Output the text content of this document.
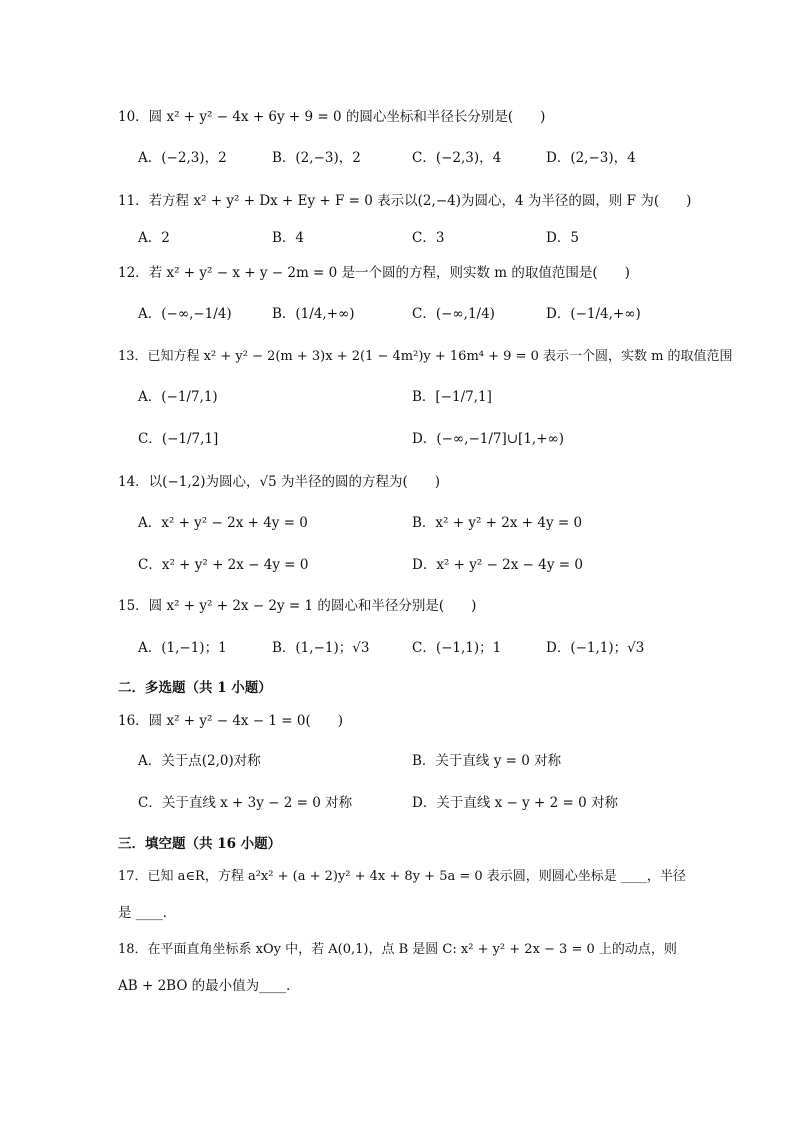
10．圆 x² + y² − 4x + 6y + 9 = 0 的圆心坐标和半径长分别是(　　)
A．(−2,3)，2	B．(2,−3)，2	C．(−2,3)，4	D．(2,−3)，4
11．若方程 x² + y² + Dx + Ey + F = 0 表示以(2,−4)为圆心，4 为半径的圆，则 F 为(　　)
A．2	B．4	C．3	D．5
12．若 x² + y² − x + y − 2m = 0 是一个圆的方程，则实数 m 的取值范围是(　　)
A．(−∞,−1/4)	B．(1/4,+∞)	C．(−∞,1/4)	D．(−1/4,+∞)
13．已知方程 x² + y² − 2(m + 3)x + 2(1 − 4m²)y + 16m⁴ + 9 = 0 表示一个圆，实数 m 的取值范围
A．(−1/7,1)	B．[−1/7,1]
C．(−1/7,1]	D．(−∞,−1/7]∪[1,+∞)
14．以(−1,2)为圆心，√5 为半径的圆的方程为(　　)
A．x² + y² − 2x + 4y = 0	B．x² + y² + 2x + 4y = 0
C．x² + y² + 2x − 4y = 0	D．x² + y² − 2x − 4y = 0
15．圆 x² + y² + 2x − 2y = 1 的圆心和半径分别是(　　)
A．(1,−1)；1	B．(1,−1)；√3	C．(−1,1)；1	D．(−1,1)；√3
二．多选题（共 1 小题）
16．圆 x² + y² − 4x − 1 = 0(　　)
A．关于点(2,0)对称	B．关于直线 y = 0 对称
C．关于直线 x + 3y − 2 = 0 对称	D．关于直线 x − y + 2 = 0 对称
三．填空题（共 16 小题）
17．已知 a∈R，方程 a²x² + (a + 2)y² + 4x + 8y + 5a = 0 表示圆，则圆心坐标是 ____，半径
是 ____．
18．在平面直角坐标系 xOy 中，若 A(0,1)，点 B 是圆 C: x² + y² + 2x − 3 = 0 上的动点，则
AB + 2BO 的最小值为____．
